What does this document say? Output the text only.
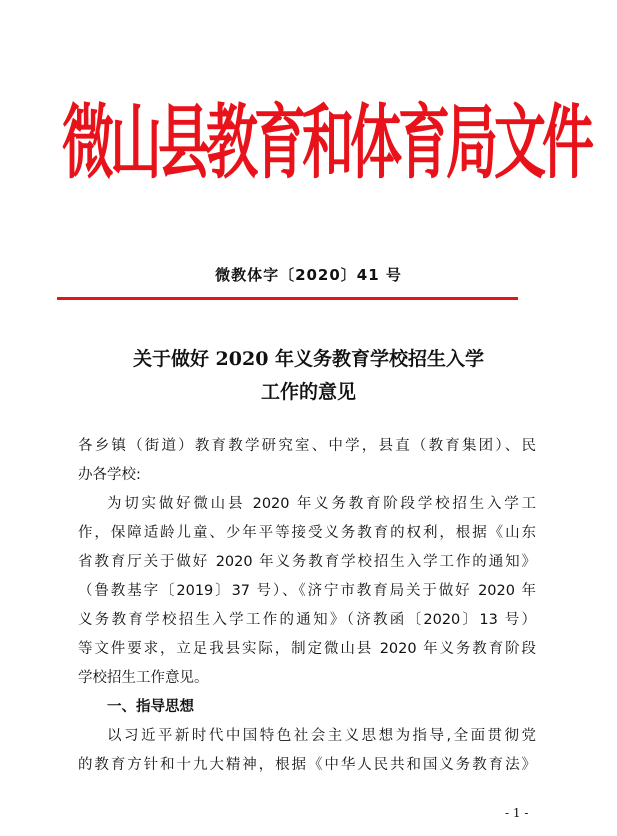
微山县教育和体育局文件
微教体字〔2020〕41 号
关于做好 2020 年义务教育学校招生入学
工作的意见
各乡镇（街道）教育教学研究室、中学，县直（教育集团）、民
办各学校:
为切实做好微山县 2020 年义务教育阶段学校招生入学工
作，保障适龄儿童、少年平等接受义务教育的权利，根据《山东
省教育厅关于做好 2020 年义务教育学校招生入学工作的通知》
（鲁教基字〔2019〕37 号）、《济宁市教育局关于做好 2020 年
义务教育学校招生入学工作的通知》（济教函〔2020〕13 号）
等文件要求，立足我县实际，制定微山县 2020 年义务教育阶段
学校招生工作意见。
一、指导思想
以习近平新时代中国特色社会主义思想为指导,全面贯彻党
的教育方针和十九大精神，根据《中华人民共和国义务教育法》
- 1 -
